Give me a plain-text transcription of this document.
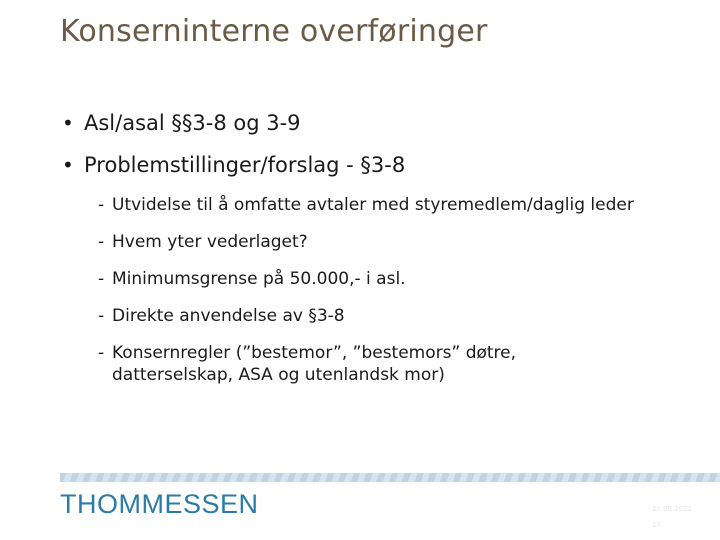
Konserninterne overføringer
• Asl/asal §§3-8 og 3-9
• Problemstillinger/forslag - §3-8
- Utvidelse til å omfatte avtaler med styremedlem/daglig leder
- Hvem yter vederlaget?
- Minimumsgrense på 50.000,- i asl.
- Direkte anvendelse av §3-8
- Konsernregler (”bestemor”, ”bestemors” døtre, datterselskap, ASA og utenlandsk mor)
THOMMESSEN	21.05.2021
17
